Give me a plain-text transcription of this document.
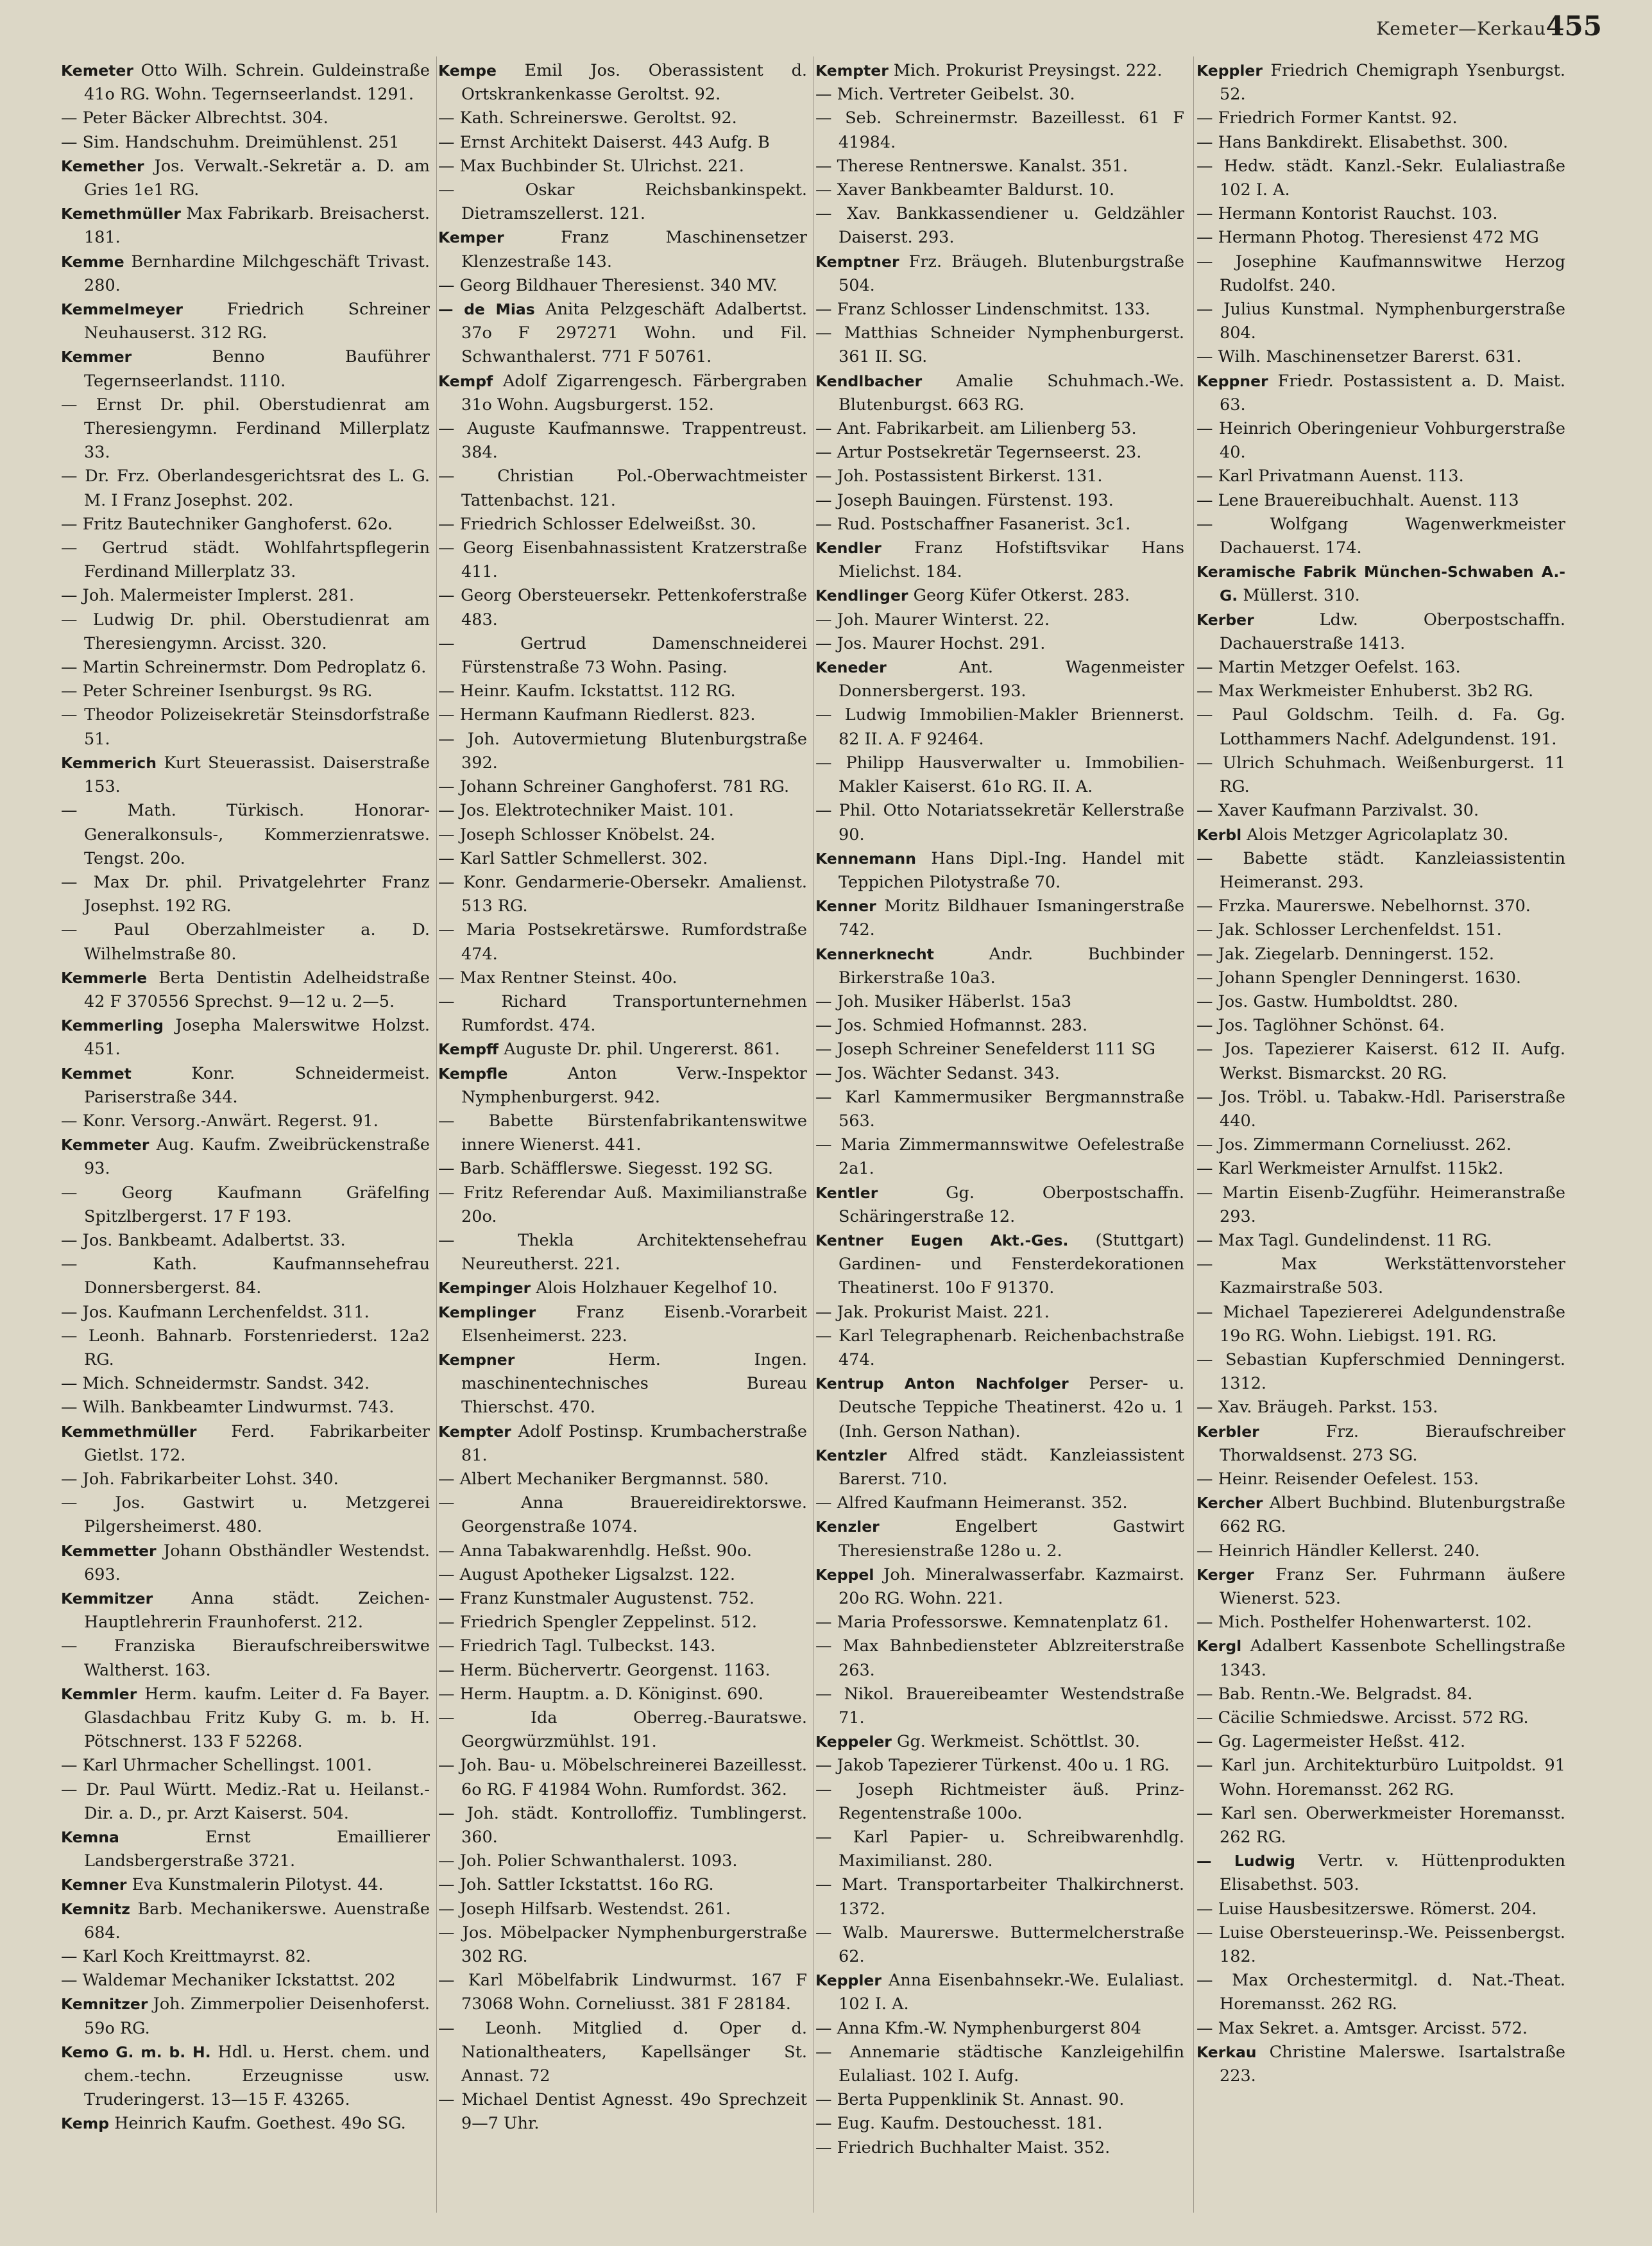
Kemeter—Kerkau 455
Kemeter Otto Wilh. Schrein. Guldeinstraße 41o RG. Wohn. Tegernseerlandst. 1291.
— Peter Bäcker Albrechtst. 304.
— Sim. Handschuhm. Dreimühlenst. 251
Kemether Jos. Verwalt.-Sekretär a. D. am Gries 1e1 RG.
Kemethmüller Max Fabrikarb. Breisacherst. 181.
Kemme Bernhardine Milchgeschäft Trivast. 280.
Kemmelmeyer Friedrich Schreiner Neuhauserst. 312 RG.
Kemmer Benno Bauführer Tegernseerlandst. 1110.
— Ernst Dr. phil. Oberstudienrat am Theresiengymn. Ferdinand Millerplatz 33.
— Dr. Frz. Oberlandesgerichtsrat des L. G. M. I Franz Josephst. 202.
— Fritz Bautechniker Ganghoferst. 62o.
— Gertrud städt. Wohlfahrtspflegerin Ferdinand Millerplatz 33.
— Joh. Malermeister Implerst. 281.
— Ludwig Dr. phil. Oberstudienrat am Theresiengymn. Arcisst. 320.
— Martin Schreinermstr. Dom Pedroplatz 6.
— Peter Schreiner Isenburgst. 9s RG.
— Theodor Polizeisekretär Steinsdorfstraße 51.
Kemmerich Kurt Steuerassist. Daiserstraße 153.
— Math. Türkisch. Honorar-Generalkonsuls-, Kommerzienratswe. Tengst. 20o.
— Max Dr. phil. Privatgelehrter Franz Josephst. 192 RG.
— Paul Oberzahlmeister a. D. Wilhelmstraße 80.
Kemmerle Berta Dentistin Adelheidstraße 42 F 370556 Sprechst. 9—12 u. 2—5.
Kemmerling Josepha Malerswitwe Holzst. 451.
Kemmet Konr. Schneidermeist. Pariserstraße 344.
— Konr. Versorg.-Anwärt. Regerst. 91.
Kemmeter Aug. Kaufm. Zweibrückenstraße 93.
— Georg Kaufmann Gräfelfing Spitzlbergerst. 17 F 193.
— Jos. Bankbeamt. Adalbertst. 33.
— Kath. Kaufmannsehefrau Donnersbergerst. 84.
— Jos. Kaufmann Lerchenfeldst. 311.
— Leonh. Bahnarb. Forstenriederst. 12a2 RG.
— Mich. Schneidermstr. Sandst. 342.
— Wilh. Bankbeamter Lindwurmst. 743.
Kemmethmüller Ferd. Fabrikarbeiter Gietlst. 172.
— Joh. Fabrikarbeiter Lohst. 340.
— Jos. Gastwirt u. Metzgerei Pilgersheimerst. 480.
Kemmetter Johann Obsthändler Westendst. 693.
Kemmitzer Anna städt. Zeichen-Hauptlehrerin Fraunhoferst. 212.
— Franziska Bieraufschreiberswitwe Waltherst. 163.
Kemmler Herm. kaufm. Leiter d. Fa Bayer. Glasdachbau Fritz Kuby G. m. b. H. Pötschnerst. 133 F 52268.
— Karl Uhrmacher Schellingst. 1001.
— Dr. Paul Württ. Mediz.-Rat u. Heilanst.-Dir. a. D., pr. Arzt Kaiserst. 504.
Kemna Ernst Emaillierer Landsbergerstraße 3721.
Kemner Eva Kunstmalerin Pilotyst. 44.
Kemnitz Barb. Mechanikerswe. Auenstraße 684.
— Karl Koch Kreittmayrst. 82.
— Waldemar Mechaniker Ickstattst. 202
Kemnitzer Joh. Zimmerpolier Deisenhoferst. 59o RG.
Kemo G. m. b. H. Hdl. u. Herst. chem. und chem.-techn. Erzeugnisse usw. Truderingerst. 13—15 F. 43265.
Kemp Heinrich Kaufm. Goethest. 49o SG.
Kempe Emil Jos. Oberassistent d. Ortskrankenkasse Geroltst. 92.
— Kath. Schreinerswe. Geroltst. 92.
— Ernst Architekt Daiserst. 443 Aufg. B
— Max Buchbinder St. Ulrichst. 221.
— Oskar Reichsbankinspekt. Dietramszellerst. 121.
Kemper Franz Maschinensetzer Klenzestraße 143.
— Georg Bildhauer Theresienst. 340 MV.
— de Mias Anita Pelzgeschäft Adalbertst. 37o F 297271 Wohn. und Fil. Schwanthalerst. 771 F 50761.
Kempf Adolf Zigarrengesch. Färbergraben 31o Wohn. Augsburgerst. 152.
— Auguste Kaufmannswe. Trappentreust. 384.
— Christian Pol.-Oberwachtmeister Tattenbachst. 121.
— Friedrich Schlosser Edelweißst. 30.
— Georg Eisenbahnassistent Kratzerstraße 411.
— Georg Obersteuersekr. Pettenkoferstraße 483.
— Gertrud Damenschneiderei Fürstenstraße 73 Wohn. Pasing.
— Heinr. Kaufm. Ickstattst. 112 RG.
— Hermann Kaufmann Riedlerst. 823.
— Joh. Autovermietung Blutenburgstraße 392.
— Johann Schreiner Ganghoferst. 781 RG.
— Jos. Elektrotechniker Maist. 101.
— Joseph Schlosser Knöbelst. 24.
— Karl Sattler Schmellerst. 302.
— Konr. Gendarmerie-Obersekr. Amalienst. 513 RG.
— Maria Postsekretärswe. Rumfordstraße 474.
— Max Rentner Steinst. 40o.
— Richard Transportunternehmen Rumfordst. 474.
Kempff Auguste Dr. phil. Ungererst. 861.
Kempfle Anton Verw.-Inspektor Nymphenburgerst. 942.
— Babette Bürstenfabrikantenswitwe innere Wienerst. 441.
— Barb. Schäfflerswe. Siegesst. 192 SG.
— Fritz Referendar Auß. Maximilianstraße 20o.
— Thekla Architektensehefrau Neureutherst. 221.
Kempinger Alois Holzhauer Kegelhof 10.
Kemplinger Franz Eisenb.-Vorarbeit Elsenheimerst. 223.
Kempner Herm. Ingen. maschinentechnisches Bureau Thierschst. 470.
Kempter Adolf Postinsp. Krumbacherstraße 81.
— Albert Mechaniker Bergmannst. 580.
— Anna Brauereidirektorswe. Georgenstraße 1074.
— Anna Tabakwarenhdlg. Heßst. 90o.
— August Apotheker Ligsalzst. 122.
— Franz Kunstmaler Augustenst. 752.
— Friedrich Spengler Zeppelinst. 512.
— Friedrich Tagl. Tulbeckst. 143.
— Herm. Büchervertr. Georgenst. 1163.
— Herm. Hauptm. a. D. Königinst. 690.
— Ida Oberreg.-Bauratswe. Georgwürzmühlst. 191.
— Joh. Bau- u. Möbelschreinerei Bazeillesst. 6o RG. F 41984 Wohn. Rumfordst. 362.
— Joh. städt. Kontrolloffiz. Tumblingerst. 360.
— Joh. Polier Schwanthalerst. 1093.
— Joh. Sattler Ickstattst. 16o RG.
— Joseph Hilfsarb. Westendst. 261.
— Jos. Möbelpacker Nymphenburgerstraße 302 RG.
— Karl Möbelfabrik Lindwurmst. 167 F 73068 Wohn. Corneliusst. 381 F 28184.
— Leonh. Mitglied d. Oper d. Nationaltheaters, Kapellsänger St. Annast. 72
— Michael Dentist Agnesst. 49o Sprechzeit 9—7 Uhr.
Kempter Mich. Prokurist Preysingst. 222.
— Mich. Vertreter Geibelst. 30.
— Seb. Schreinermstr. Bazeillesst. 61 F 41984.
— Therese Rentnerswe. Kanalst. 351.
— Xaver Bankbeamter Baldurst. 10.
— Xav. Bankkassendiener u. Geldzähler Daiserst. 293.
Kemptner Frz. Bräugeh. Blutenburgstraße 504.
— Franz Schlosser Lindenschmitst. 133.
— Matthias Schneider Nymphenburgerst. 361 II. SG.
Kendlbacher Amalie Schuhmach.-We. Blutenburgst. 663 RG.
— Ant. Fabrikarbeit. am Lilienberg 53.
— Artur Postsekretär Tegernseerst. 23.
— Joh. Postassistent Birkerst. 131.
— Joseph Bauingen. Fürstenst. 193.
— Rud. Postschaffner Fasanerist. 3c1.
Kendler Franz Hofstiftsvikar Hans Mielichst. 184.
Kendlinger Georg Küfer Otkerst. 283.
— Joh. Maurer Winterst. 22.
— Jos. Maurer Hochst. 291.
Keneder Ant. Wagenmeister Donnersbergerst. 193.
— Ludwig Immobilien-Makler Briennerst. 82 II. A. F 92464.
— Philipp Hausverwalter u. Immobilien-Makler Kaiserst. 61o RG. II. A.
— Phil. Otto Notariatssekretär Kellerstraße 90.
Kennemann Hans Dipl.-Ing. Handel mit Teppichen Pilotystraße 70.
Kenner Moritz Bildhauer Ismaningerstraße 742.
Kennerknecht Andr. Buchbinder Birkerstraße 10a3.
— Joh. Musiker Häberlst. 15a3
— Jos. Schmied Hofmannst. 283.
— Joseph Schreiner Senefelderst 111 SG
— Jos. Wächter Sedanst. 343.
— Karl Kammermusiker Bergmannstraße 563.
— Maria Zimmermannswitwe Oefelestraße 2a1.
Kentler Gg. Oberpostschaffn. Schäringerstraße 12.
Kentner Eugen Akt.-Ges. (Stuttgart) Gardinen- und Fensterdekorationen Theatinerst. 10o F 91370.
— Jak. Prokurist Maist. 221.
— Karl Telegraphenarb. Reichenbachstraße 474.
Kentrup Anton Nachfolger Perser- u. Deutsche Teppiche Theatinerst. 42o u. 1 (Inh. Gerson Nathan).
Kentzler Alfred städt. Kanzleiassistent Barerst. 710.
— Alfred Kaufmann Heimeranst. 352.
Kenzler Engelbert Gastwirt Theresienstraße 128o u. 2.
Keppel Joh. Mineralwasserfabr. Kazmairst. 20o RG. Wohn. 221.
— Maria Professorswe. Kemnatenplatz 61.
— Max Bahnbediensteter Ablzreiterstraße 263.
— Nikol. Brauereibeamter Westendstraße 71.
Keppeler Gg. Werkmeist. Schöttlst. 30.
— Jakob Tapezierer Türkenst. 40o u. 1 RG.
— Joseph Richtmeister äuß. Prinz-Regentenstraße 100o.
— Karl Papier- u. Schreibwarenhdlg. Maximilianst. 280.
— Mart. Transportarbeiter Thalkirchnerst. 1372.
— Walb. Maurerswe. Buttermelcherstraße 62.
Keppler Anna Eisenbahnsekr.-We. Eulaliast. 102 I. A.
— Anna Kfm.-W. Nymphenburgerst 804
— Annemarie städtische Kanzleigehilfin Eulaliast. 102 I. Aufg.
— Berta Puppenklinik St. Annast. 90.
— Eug. Kaufm. Destouchesst. 181.
— Friedrich Buchhalter Maist. 352.
Keppler Friedrich Chemigraph Ysenburgst. 52.
— Friedrich Former Kantst. 92.
— Hans Bankdirekt. Elisabethst. 300.
— Hedw. städt. Kanzl.-Sekr. Eulaliastraße 102 I. A.
— Hermann Kontorist Rauchst. 103.
— Hermann Photog. Theresienst 472 MG
— Josephine Kaufmannswitwe Herzog Rudolfst. 240.
— Julius Kunstmal. Nymphenburgerstraße 804.
— Wilh. Maschinensetzer Barerst. 631.
Keppner Friedr. Postassistent a. D. Maist. 63.
— Heinrich Oberingenieur Vohburgerstraße 40.
— Karl Privatmann Auenst. 113.
— Lene Brauereibuchhalt. Auenst. 113
— Wolfgang Wagenwerkmeister Dachauerst. 174.
Keramische Fabrik München-Schwaben A.-G. Müllerst. 310.
Kerber Ldw. Oberpostschaffn. Dachauerstraße 1413.
— Martin Metzger Oefelst. 163.
— Max Werkmeister Enhuberst. 3b2 RG.
— Paul Goldschm. Teilh. d. Fa. Gg. Lotthammers Nachf. Adelgundenst. 191.
— Ulrich Schuhmach. Weißenburgerst. 11 RG.
— Xaver Kaufmann Parzivalst. 30.
Kerbl Alois Metzger Agricolaplatz 30.
— Babette städt. Kanzleiassistentin Heimeranst. 293.
— Frzka. Maurerswe. Nebelhornst. 370.
— Jak. Schlosser Lerchenfeldst. 151.
— Jak. Ziegelarb. Denningerst. 152.
— Johann Spengler Denningerst. 1630.
— Jos. Gastw. Humboldtst. 280.
— Jos. Taglöhner Schönst. 64.
— Jos. Tapezierer Kaiserst. 612 II. Aufg. Werkst. Bismarckst. 20 RG.
— Jos. Tröbl. u. Tabakw.-Hdl. Pariserstraße 440.
— Jos. Zimmermann Corneliusst. 262.
— Karl Werkmeister Arnulfst. 115k2.
— Martin Eisenb-Zugführ. Heimeranstraße 293.
— Max Tagl. Gundelindenst. 11 RG.
— Max Werkstättenvorsteher Kazmairstraße 503.
— Michael Tapeziererei Adelgundenstraße 19o RG. Wohn. Liebigst. 191. RG.
— Sebastian Kupferschmied Denningerst. 1312.
— Xav. Bräugeh. Parkst. 153.
Kerbler Frz. Bieraufschreiber Thorwaldsenst. 273 SG.
— Heinr. Reisender Oefelest. 153.
Kercher Albert Buchbind. Blutenburgstraße 662 RG.
— Heinrich Händler Kellerst. 240.
Kerger Franz Ser. Fuhrmann äußere Wienerst. 523.
— Mich. Posthelfer Hohenwarterst. 102.
Kergl Adalbert Kassenbote Schellingstraße 1343.
— Bab. Rentn.-We. Belgradst. 84.
— Cäcilie Schmiedswe. Arcisst. 572 RG.
— Gg. Lagermeister Heßst. 412.
— Karl jun. Architekturbüro Luitpoldst. 91 Wohn. Horemansst. 262 RG.
— Karl sen. Oberwerkmeister Horemansst. 262 RG.
— Ludwig Vertr. v. Hüttenprodukten Elisabethst. 503.
— Luise Hausbesitzerswe. Römerst. 204.
— Luise Obersteuerinsp.-We. Peissenbergst. 182.
— Max Orchestermitgl. d. Nat.-Theat. Horemansst. 262 RG.
— Max Sekret. a. Amtsger. Arcisst. 572.
Kerkau Christine Malerswe. Isartalstraße 223.
